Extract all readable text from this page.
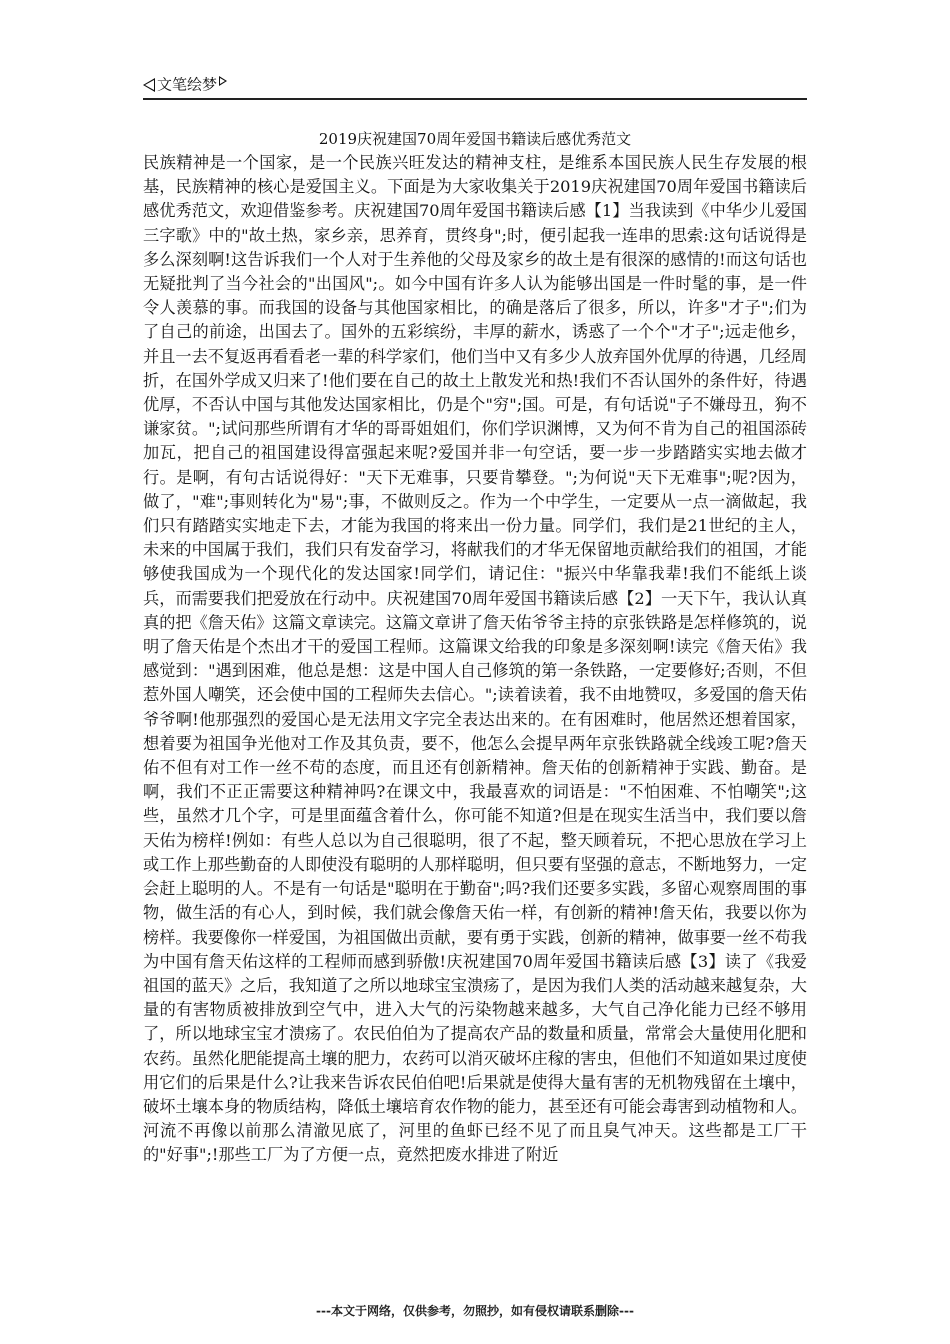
文笔绘梦
2019庆祝建国70周年爱国书籍读后感优秀范文
民族精神是一个国家，是一个民族兴旺发达的精神支柱，是维系本国民族人民生存发展的根基，民族精神的核心是爱国主义。下面是为大家收集关于2019庆祝建国70周年爱国书籍读后感优秀范文，欢迎借鉴参考。庆祝建国70周年爱国书籍读后感【1】当我读到《中华少儿爱国三字歌》中的"故土热，家乡亲，思养育，贯终身";时，便引起我一连串的思索:这句话说得是多么深刻啊!这告诉我们一个人对于生养他的父母及家乡的故土是有很深的感情的!而这句话也无疑批判了当今社会的"出国风";。如今中国有许多人认为能够出国是一件时髦的事，是一件令人羡慕的事。而我国的设备与其他国家相比，的确是落后了很多，所以，许多"才子";们为了自己的前途，出国去了。国外的五彩缤纷，丰厚的薪水，诱惑了一个个"才子";远走他乡，并且一去不复返再看看老一辈的科学家们，他们当中又有多少人放弃国外优厚的待遇，几经周折，在国外学成又归来了!他们要在自己的故土上散发光和热!我们不否认国外的条件好，待遇优厚，不否认中国与其他发达国家相比，仍是个"穷";国。可是，有句话说"子不嫌母丑，狗不谦家贫。";试问那些所谓有才华的哥哥姐姐们，你们学识渊博，又为何不肯为自己的祖国添砖加瓦，把自己的祖国建设得富强起来呢?爱国并非一句空话，要一步一步踏踏实实地去做才行。是啊，有句古话说得好："天下无难事，只要肯攀登。";为何说"天下无难事";呢?因为，做了，"难";事则转化为"易";事，不做则反之。作为一个中学生，一定要从一点一滴做起，我们只有踏踏实实地走下去，才能为我国的将来出一份力量。同学们，我们是21世纪的主人，未来的中国属于我们，我们只有发奋学习，将献我们的才华无保留地贡献给我们的祖国，才能够使我国成为一个现代化的发达国家!同学们，请记住："振兴中华靠我辈!我们不能纸上谈兵，而需要我们把爱放在行动中。庆祝建国70周年爱国书籍读后感【2】一天下午，我认认真真的把《詹天佑》这篇文章读完。这篇文章讲了詹天佑爷爷主持的京张铁路是怎样修筑的，说明了詹天佑是个杰出才干的爱国工程师。这篇课文给我的印象是多深刻啊!读完《詹天佑》我感觉到："遇到困难，他总是想：这是中国人自己修筑的第一条铁路，一定要修好;否则，不但惹外国人嘲笑，还会使中国的工程师失去信心。";读着读着，我不由地赞叹，多爱国的詹天佑爷爷啊!他那强烈的爱国心是无法用文字完全表达出来的。在有困难时，他居然还想着国家，想着要为祖国争光他对工作及其负责，要不，他怎么会提早两年京张铁路就全线竣工呢?詹天佑不但有对工作一丝不苟的态度，而且还有创新精神。詹天佑的创新精神于实践、勤奋。是啊，我们不正正需要这种精神吗?在课文中，我最喜欢的词语是："不怕困难、不怕嘲笑";这些，虽然才几个字，可是里面蕴含着什么，你可能不知道?但是在现实生活当中，我们要以詹天佑为榜样!例如：有些人总以为自己很聪明，很了不起，整天顾着玩，不把心思放在学习上或工作上那些勤奋的人即使没有聪明的人那样聪明，但只要有坚强的意志，不断地努力，一定会赶上聪明的人。不是有一句话是"聪明在于勤奋";吗?我们还要多实践，多留心观察周围的事物，做生活的有心人，到时候，我们就会像詹天佑一样，有创新的精神!詹天佑，我要以你为榜样。我要像你一样爱国，为祖国做出贡献，要有勇于实践，创新的精神，做事要一丝不苟我为中国有詹天佑这样的工程师而感到骄傲!庆祝建国70周年爱国书籍读后感【3】读了《我爱祖国的蓝天》之后，我知道了之所以地球宝宝溃疡了，是因为我们人类的活动越来越复杂，大量的有害物质被排放到空气中，进入大气的污染物越来越多，大气自己净化能力已经不够用了，所以地球宝宝才溃疡了。农民伯伯为了提高农产品的数量和质量，常常会大量使用化肥和农药。虽然化肥能提高土壤的肥力，农药可以消灭破坏庄稼的害虫，但他们不知道如果过度使用它们的后果是什么?让我来告诉农民伯伯吧!后果就是使得大量有害的无机物残留在土壤中，破坏土壤本身的物质结构，降低土壤培育农作物的能力，甚至还有可能会毒害到动植物和人。河流不再像以前那么清澈见底了，河里的鱼虾已经不见了而且臭气冲天。这些都是工厂干的"好事";!那些工厂为了方便一点，竟然把废水排进了附近
---本文于网络，仅供参考，勿照抄，如有侵权请联系删除---
